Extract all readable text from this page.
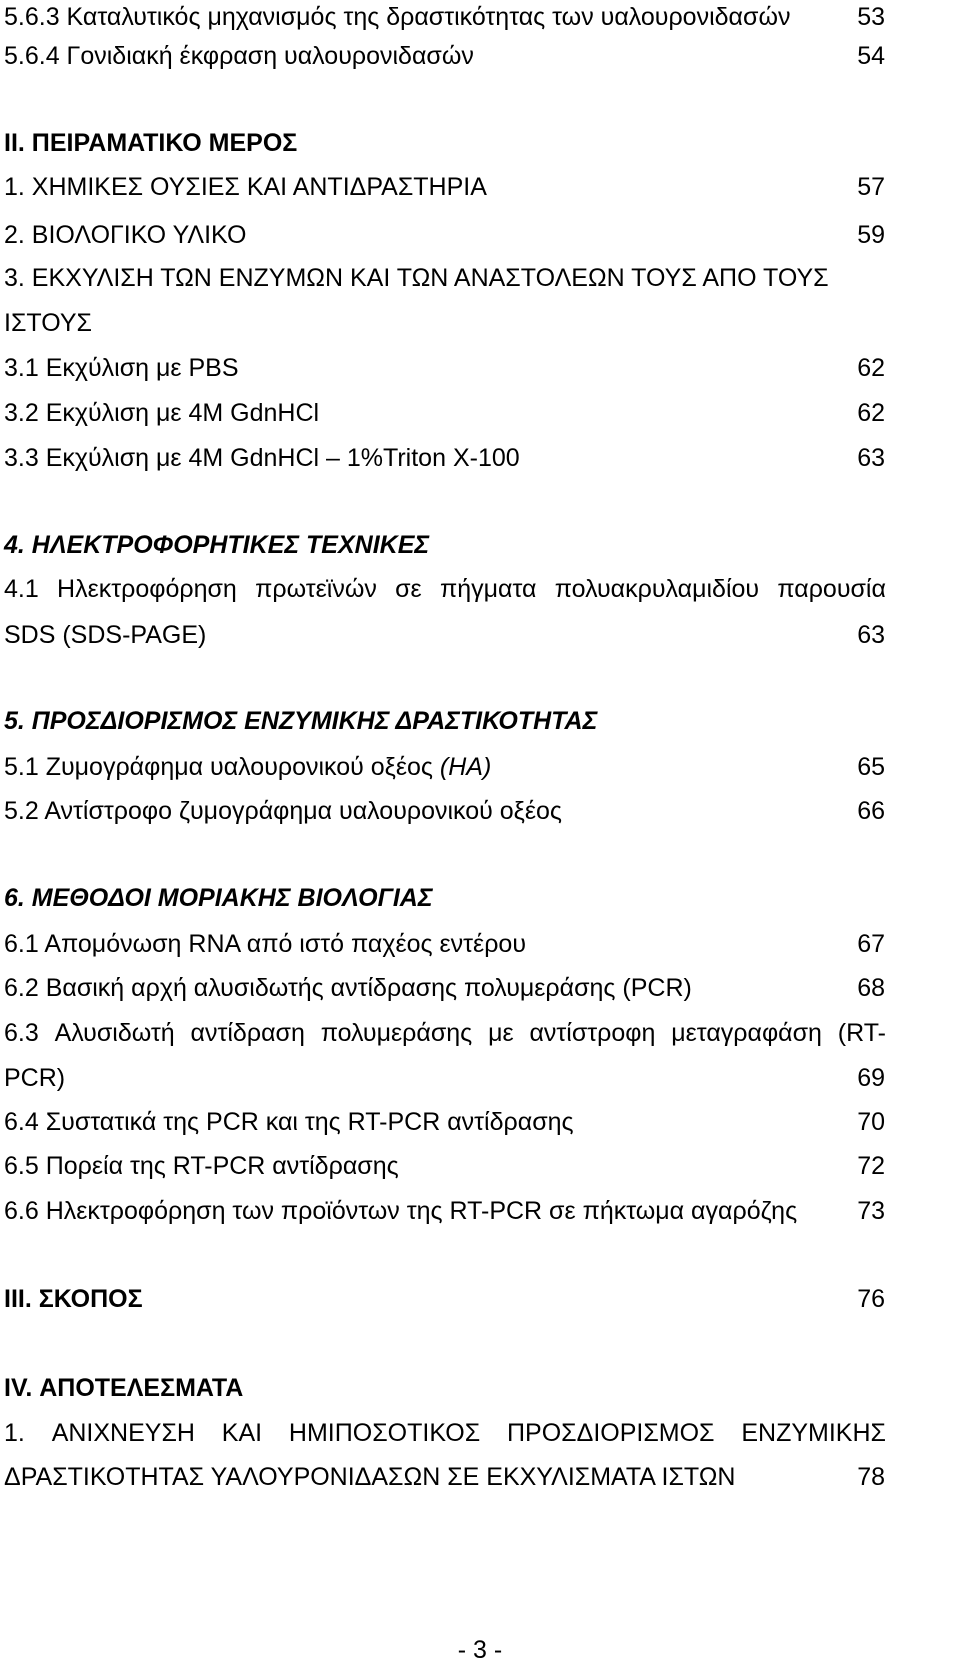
5.6.3 Καταλυτικός μηχανισμός της δραστικότητας των υαλουρονιδασών	53
5.6.4 Γονιδιακή έκφραση υαλουρονιδασών	54
II. ΠΕΙΡΑΜΑΤΙΚΟ ΜΕΡΟΣ
1. ΧΗΜΙΚΕΣ ΟΥΣΙΕΣ ΚΑΙ ΑΝΤΙΔΡΑΣΤΗΡΙΑ	57
2. ΒΙΟΛΟΓΙΚΟ ΥΛΙΚΟ	59
3. ΕΚΧΥΛΙΣΗ ΤΩΝ ΕΝΖΥΜΩΝ ΚΑΙ ΤΩΝ ΑΝΑΣΤΟΛΕΩΝ ΤΟΥΣ ΑΠΟ ΤΟΥΣ
ΙΣΤΟΥΣ
3.1 Εκχύλιση με PBS	62
3.2 Εκχύλιση με 4M GdnHCl	62
3.3 Εκχύλιση με 4M GdnHCl – 1%Triton X-100	63
4. ΗΛΕΚΤΡΟΦΟΡΗΤΙΚΕΣ ΤΕΧΝΙΚΕΣ
4.1 Ηλεκτροφόρηση πρωτεϊνών σε πήγματα πολυακρυλαμιδίου παρουσία
SDS (SDS-PAGE)	63
5. ΠΡΟΣΔΙΟΡΙΣΜΟΣ ΕΝΖΥΜΙΚΗΣ ΔΡΑΣΤΙΚΟΤΗΤΑΣ
5.1 Ζυμογράφημα υαλουρονικού οξέος (HA)	65
5.2 Αντίστροφο ζυμογράφημα υαλουρονικού οξέος	66
6. ΜΕΘΟΔΟΙ ΜΟΡΙΑΚΗΣ ΒΙΟΛΟΓΙΑΣ
6.1 Απομόνωση RNA από ιστό παχέος εντέρου	67
6.2 Βασική αρχή αλυσιδωτής αντίδρασης πολυμεράσης (PCR)	68
6.3 Αλυσιδωτή αντίδραση πολυμεράσης με αντίστροφη μεταγραφάση (RT-
PCR)	69
6.4 Συστατικά της PCR και της RT-PCR αντίδρασης	70
6.5 Πορεία της RT-PCR αντίδρασης	72
6.6 Ηλεκτροφόρηση των προϊόντων της RT-PCR σε πήκτωμα αγαρόζης 73
III. ΣΚΟΠΟΣ	76
IV. ΑΠΟΤΕΛΕΣΜΑΤΑ
1. ΑΝΙΧΝΕΥΣΗ ΚΑΙ ΗΜΙΠΟΣΟΤΙΚΟΣ ΠΡΟΣΔΙΟΡΙΣΜΟΣ ΕΝΖΥΜΙΚΗΣ
ΔΡΑΣΤΙΚΟΤΗΤΑΣ ΥΑΛΟΥΡΟΝΙΔΑΣΩΝ ΣΕ ΕΚΧΥΛΙΣΜΑΤΑ ΙΣΤΩΝ	78
- 3 -
